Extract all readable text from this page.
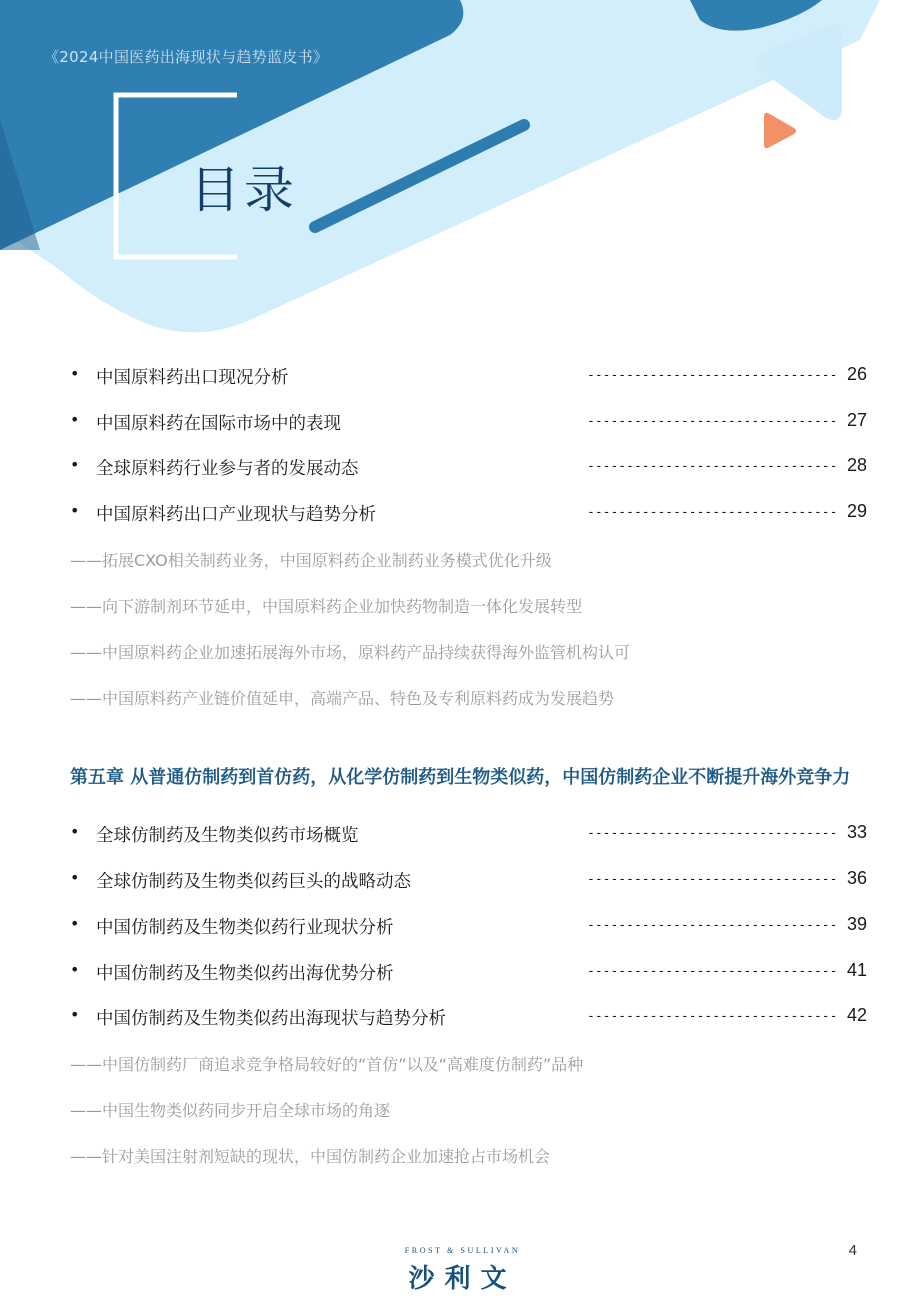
《2024中国医药出海现状与趋势蓝皮书》
目录
• 中国原料药出口现况分析	-------------------------------- 26
• 中国原料药在国际市场中的表现	-------------------------------- 27
• 全球原料药行业参与者的发展动态	-------------------------------- 28
• 中国原料药出口产业现状与趋势分析	-------------------------------- 29
——拓展CXO相关制药业务，中国原料药企业制药业务模式优化升级
——向下游制剂环节延申，中国原料药企业加快药物制造一体化发展转型
——中国原料药企业加速拓展海外市场，原料药产品持续获得海外监管机构认可
——中国原料药产业链价值延申，高端产品、特色及专利原料药成为发展趋势
第五章 从普通仿制药到首仿药，从化学仿制药到生物类似药，中国仿制药企业不断提升海外竞争力
• 全球仿制药及生物类似药市场概览	-------------------------------- 33
• 全球仿制药及生物类似药巨头的战略动态	-------------------------------- 36
• 中国仿制药及生物类似药行业现状分析	-------------------------------- 39
• 中国仿制药及生物类似药出海优势分析	-------------------------------- 41
• 中国仿制药及生物类似药出海现状与趋势分析	-------------------------------- 42
——中国仿制药厂商追求竞争格局较好的“首仿”以及“高难度仿制药”品种
——中国生物类似药同步开启全球市场的角逐
——针对美国注射剂短缺的现状，中国仿制药企业加速抢占市场机会
FROST & SULLIVAN
沙利文
4
